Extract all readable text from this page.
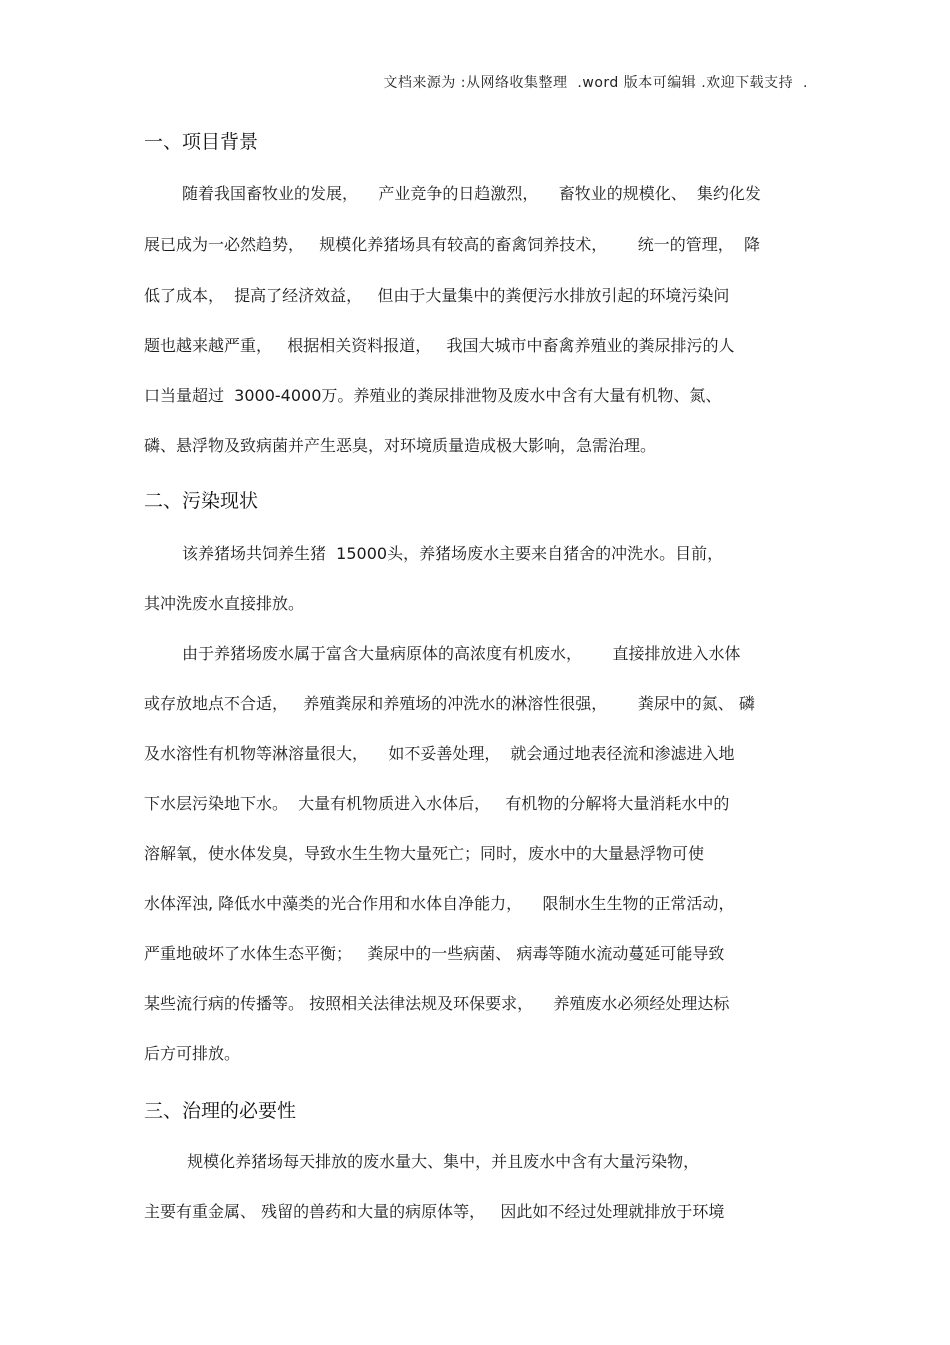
文档来源为 :从网络收集整理  .word 版本可编辑 .欢迎下载支持  .
一、项目背景
随着我国畜牧业的发展，    产业竞争的日趋激烈，    畜牧业的规模化、  集约化发
展已成为一必然趋势，   规模化养猪场具有较高的畜禽饲养技术，      统一的管理，  降
低了成本，  提高了经济效益，   但由于大量集中的粪便污水排放引起的环境污染问
题也越来越严重，   根据相关资料报道，   我国大城市中畜禽养殖业的粪尿排污的人
口当量超过  3000-4000万。养殖业的粪尿排泄物及废水中含有大量有机物、氮、
磷、悬浮物及致病菌并产生恶臭，对环境质量造成极大影响，急需治理。
二、污染现状
该养猪场共饲养生猪  15000头，养猪场废水主要来自猪舍的冲洗水。目前，
其冲洗废水直接排放。
由于养猪场废水属于富含大量病原体的高浓度有机废水，      直接排放进入水体
或存放地点不合适，   养殖粪尿和养殖场的冲洗水的淋溶性很强，      粪尿中的氮、 磷
及水溶性有机物等淋溶量很大，    如不妥善处理，  就会通过地表径流和渗滤进入地
下水层污染地下水。  大量有机物质进入水体后，   有机物的分解将大量消耗水中的
溶解氧，使水体发臭，导致水生生物大量死亡；同时，废水中的大量悬浮物可使
水体浑浊, 降低水中藻类的光合作用和水体自净能力，    限制水生生物的正常活动，
严重地破坏了水体生态平衡；   粪尿中的一些病菌、 病毒等随水流动蔓延可能导致
某些流行病的传播等。 按照相关法律法规及环保要求，    养殖废水必须经处理达标
后方可排放。
三、治理的必要性
规模化养猪场每天排放的废水量大、集中，并且废水中含有大量污染物，
主要有重金属、 残留的兽药和大量的病原体等，   因此如不经过处理就排放于环境
